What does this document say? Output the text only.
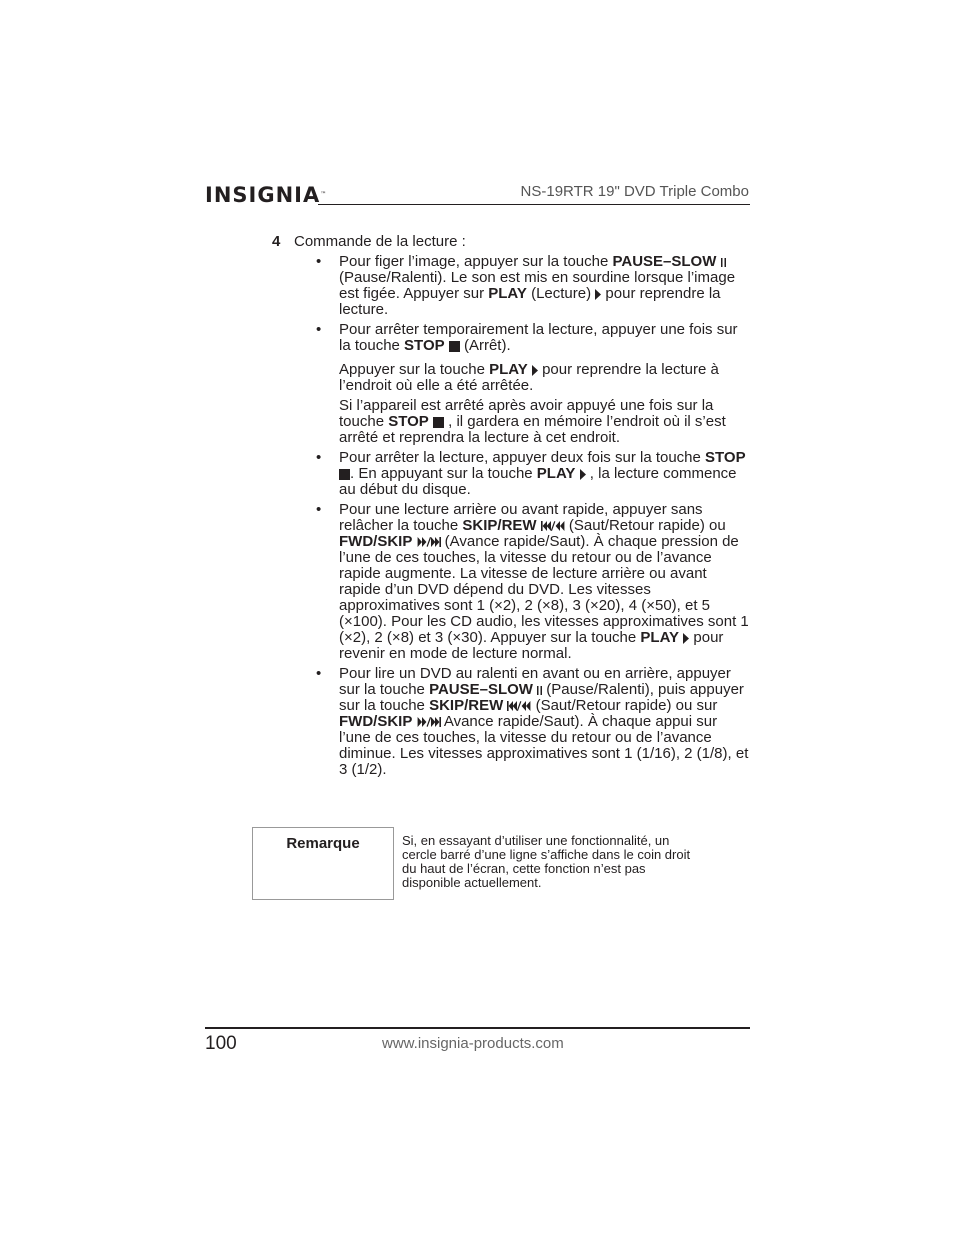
INSIGNIA™	NS-19RTR 19" DVD Triple Combo
4 Commande de la lecture :
• Pour figer l’image, appuyer sur la touche PAUSE–SLOW  (Pause/Ralenti). Le son est mis en sourdine lorsque l’image est figée. Appuyer sur PLAY (Lecture)  pour reprendre la lecture.

• Pour arrêter temporairement la lecture, appuyer une fois sur la touche STOP  (Arrêt).

Appuyer sur la touche PLAY  pour reprendre la lecture à l’endroit où elle a été arrêtée.

Si l’appareil est arrêté après avoir appuyé une fois sur la touche STOP  , il gardera en mémoire l’endroit où il s’est arrêté et reprendra la lecture à cet endroit.

• Pour arrêter la lecture, appuyer deux fois sur la touche STOP . En appuyant sur la touche PLAY  , la lecture commence au début du disque.

• Pour une lecture arrière ou avant rapide, appuyer sans relâcher la touche SKIP/REW  (Saut/Retour rapide) ou FWD/SKIP  (Avance rapide/Saut). À chaque pression de l’une de ces touches, la vitesse du retour ou de l’avance rapide augmente. La vitesse de lecture arrière ou avant rapide d’un DVD dépend du DVD. Les vitesses approximatives sont 1 (×2), 2 (×8), 3 (×20), 4 (×50), et 5 (×100). Pour les CD audio, les vitesses approximatives sont 1 (×2), 2 (×8) et 3 (×30). Appuyer sur la touche PLAY  pour revenir en mode de lecture normal.

• Pour lire un DVD au ralenti en avant ou en arrière, appuyer sur la touche PAUSE–SLOW  (Pause/Ralenti), puis appuyer sur la touche SKIP/REW  (Saut/Retour rapide) ou sur FWD/SKIP  Avance rapide/Saut). À chaque appui sur l’une de ces touches, la vitesse du retour ou de l’avance diminue. Les vitesses approximatives sont 1 (1/16), 2 (1/8), et 3 (1/2).

Remarque	Si, en essayant d’utiliser une fonctionnalité, un cercle barré d’une ligne s’affiche dans le coin droit du haut de l’écran, cette fonction n’est pas disponible actuellement.
100	www.insignia-products.com
